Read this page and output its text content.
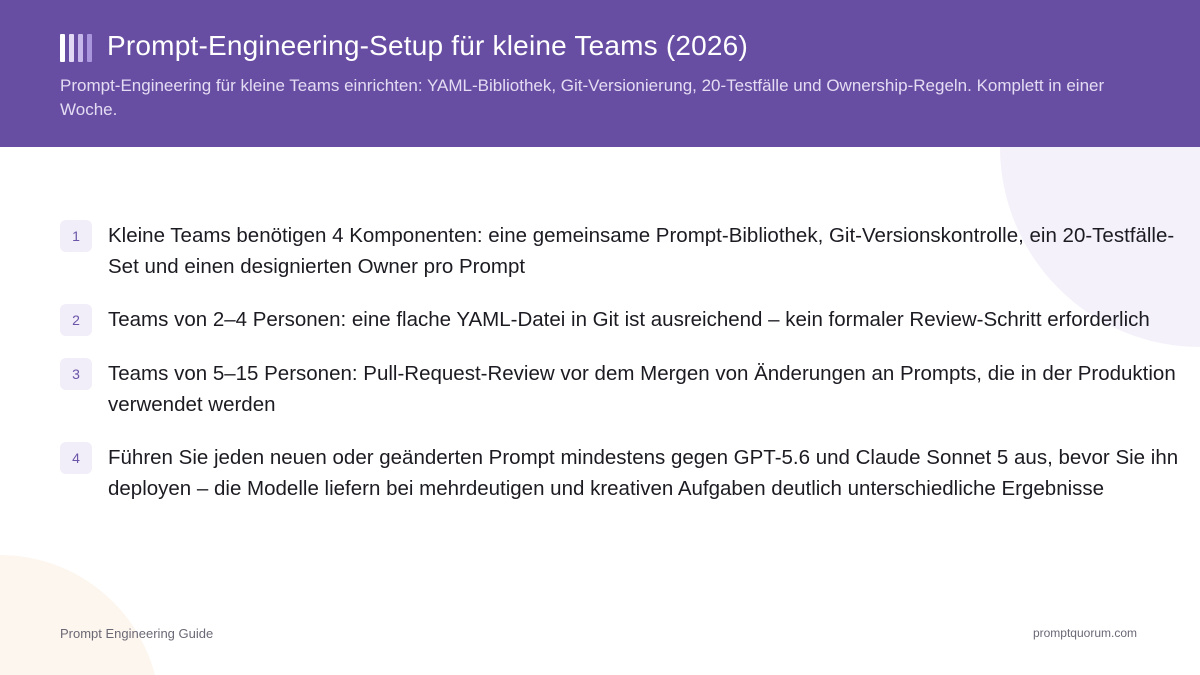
Prompt-Engineering-Setup für kleine Teams (2026)
Prompt-Engineering für kleine Teams einrichten: YAML-Bibliothek, Git-Versionierung, 20-Testfälle und Ownership-Regeln. Komplett in einer Woche.
1	Kleine Teams benötigen 4 Komponenten: eine gemeinsame Prompt-Bibliothek, Git-Versionskontrolle, ein 20-Testfälle-Set und einen designierten Owner pro Prompt
2	Teams von 2–4 Personen: eine flache YAML-Datei in Git ist ausreichend – kein formaler Review-Schritt erforderlich
3	Teams von 5–15 Personen: Pull-Request-Review vor dem Mergen von Änderungen an Prompts, die in der Produktion verwendet werden
4	Führen Sie jeden neuen oder geänderten Prompt mindestens gegen GPT-5.6 und Claude Sonnet 5 aus, bevor Sie ihn deployen – die Modelle liefern bei mehrdeutigen und kreativen Aufgaben deutlich unterschiedliche Ergebnisse
Prompt Engineering Guide	promptquorum.com
